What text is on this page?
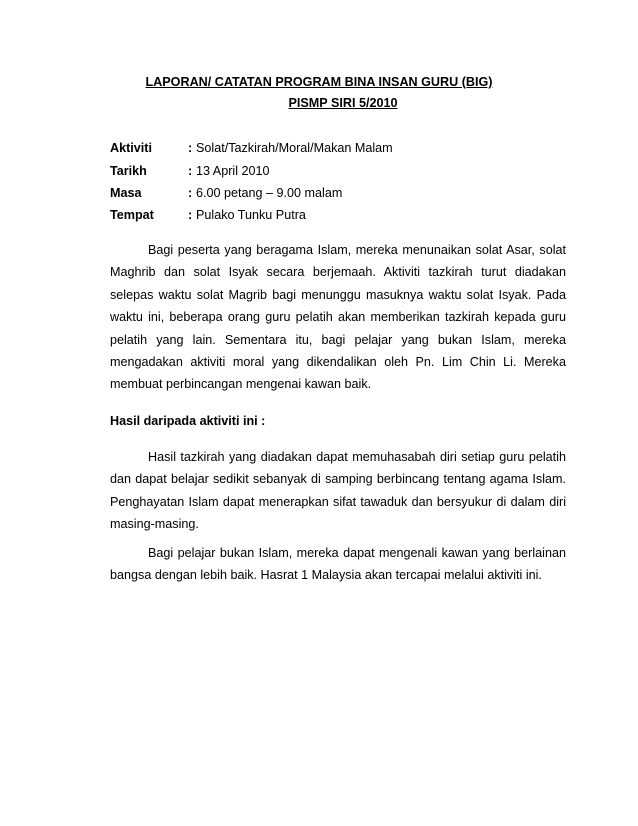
LAPORAN/ CATATAN PROGRAM BINA INSAN GURU (BIG)
PISMP SIRI 5/2010
Aktiviti	: Solat/Tazkirah/Moral/Makan Malam
Tarikh	: 13 April 2010
Masa	: 6.00 petang – 9.00 malam
Tempat	: Pulako Tunku Putra

Bagi peserta yang beragama Islam, mereka menunaikan solat Asar, solat Maghrib dan solat Isyak secara berjemaah. Aktiviti tazkirah turut diadakan selepas waktu solat Magrib bagi menunggu masuknya waktu solat Isyak. Pada waktu ini, beberapa orang guru pelatih akan memberikan tazkirah kepada guru pelatih yang lain. Sementara itu, bagi pelajar yang bukan Islam, mereka mengadakan aktiviti moral yang dikendalikan oleh Pn. Lim Chin Li. Mereka membuat perbincangan mengenai kawan baik.

Hasil daripada aktiviti ini :

Hasil tazkirah yang diadakan dapat memuhasabah diri setiap guru pelatih dan dapat belajar sedikit sebanyak di samping berbincang tentang agama Islam. Penghayatan Islam dapat menerapkan sifat tawaduk dan bersyukur di dalam diri masing-masing.

Bagi pelajar bukan Islam, mereka dapat mengenali kawan yang berlainan bangsa dengan lebih baik. Hasrat 1 Malaysia akan tercapai melalui aktiviti ini.
